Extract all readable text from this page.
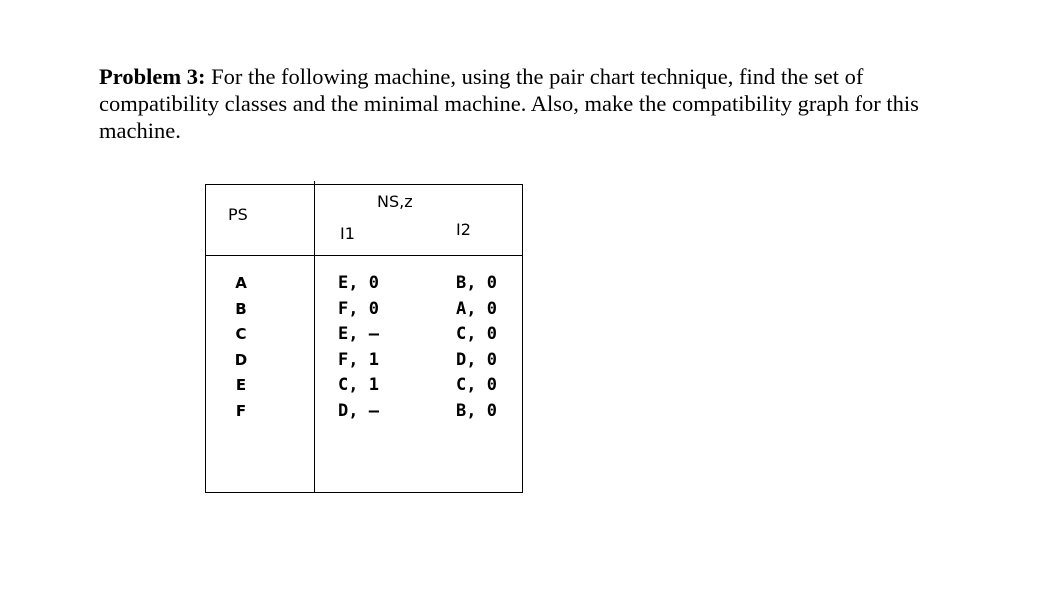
Problem 3: For the following machine, using the pair chart technique, find the set of compatibility classes and the minimal machine. Also, make the compatibility graph for this machine.
PS
NS,z
I1	I2
A
B
C
D
E
F
E, 0
F, 0
E, –
F, 1
C, 1
D, –
B, 0
A, 0
C, 0
D, 0
C, 0
B, 0
